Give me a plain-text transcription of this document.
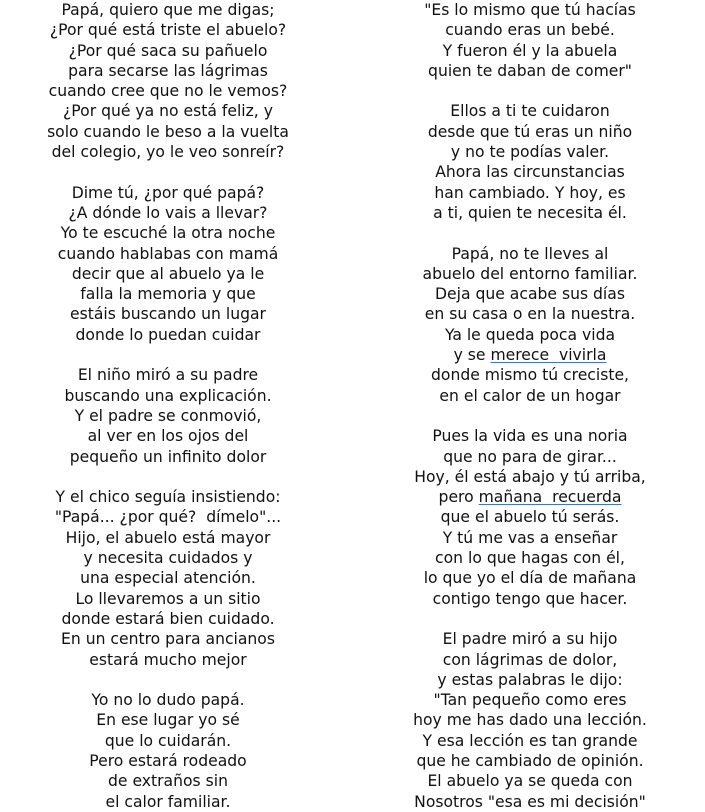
Papá, quiero que me digas;
¿Por qué está triste el abuelo?
¿Por qué saca su pañuelo
para secarse las lágrimas
cuando cree que no le vemos?
¿Por qué ya no está feliz, y
solo cuando le beso a la vuelta
del colegio, yo le veo sonreír?
Dime tú, ¿por qué papá?
¿A dónde lo vais a llevar?
Yo te escuché la otra noche
cuando hablabas con mamá
decir que al abuelo ya le
falla la memoria y que
estáis buscando un lugar
donde lo puedan cuidar
El niño miró a su padre
buscando una explicación.
Y el padre se conmovió,
al ver en los ojos del
pequeño un infinito dolor
Y el chico seguía insistiendo:
"Papá... ¿por qué?  dímelo"...
Hijo, el abuelo está mayor
y necesita cuidados y
una especial atención.
Lo llevaremos a un sitio
donde estará bien cuidado.
En un centro para ancianos
estará mucho mejor
Yo no lo dudo papá.
En ese lugar yo sé
que lo cuidarán.
Pero estará rodeado
de extraños sin
el calor familiar.
"Es lo mismo que tú hacías
cuando eras un bebé.
Y fueron él y la abuela
quien te daban de comer"
Ellos a ti te cuidaron
desde que tú eras un niño
y no te podías valer.
Ahora las circunstancias
han cambiado. Y hoy, es
a ti, quien te necesita él.
Papá, no te lleves al
abuelo del entorno familiar.
Deja que acabe sus días
en su casa o en la nuestra.
Ya le queda poca vida
y se merece  vivirla
donde mismo tú creciste,
en el calor de un hogar
Pues la vida es una noria
que no para de girar...
Hoy, él está abajo y tú arriba,
pero mañana  recuerda
que el abuelo tú serás.
Y tú me vas a enseñar
con lo que hagas con él,
lo que yo el día de mañana
contigo tengo que hacer.
El padre miró a su hijo
con lágrimas de dolor,
y estas palabras le dijo:
"Tan pequeño como eres
hoy me has dado una lección.
Y esa lección es tan grande
que he cambiado de opinión.
El abuelo ya se queda con
Nosotros "esa es mi decisión"
